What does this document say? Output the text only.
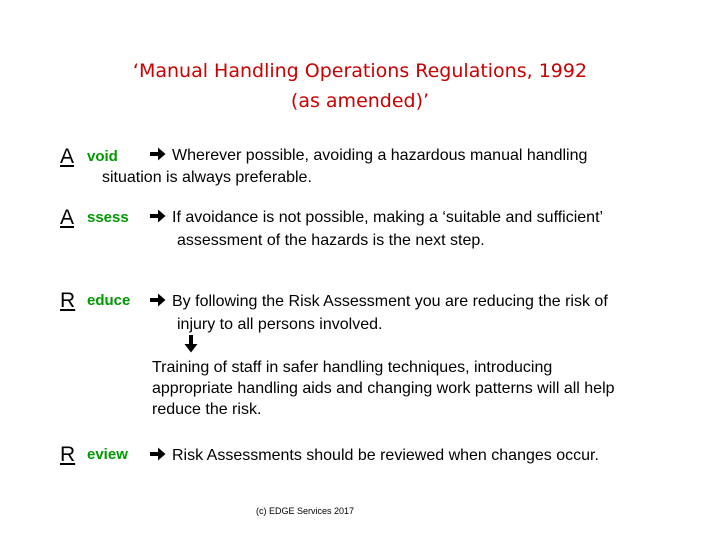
‘Manual Handling Operations Regulations, 1992
(as amended)’
A void	Wherever possible, avoiding a hazardous manual handling
situation is always preferable.
A ssess	If avoidance is not possible, making a ‘suitable and sufficient’
assessment of the hazards is the next step.
R educe	By following the Risk Assessment you are reducing the risk of
injury to all persons involved.
Training of staff in safer handling techniques, introducing
appropriate handling aids and changing work patterns will all help
reduce the risk.
R eview	Risk Assessments should be reviewed when changes occur.
(c) EDGE Services 2017
